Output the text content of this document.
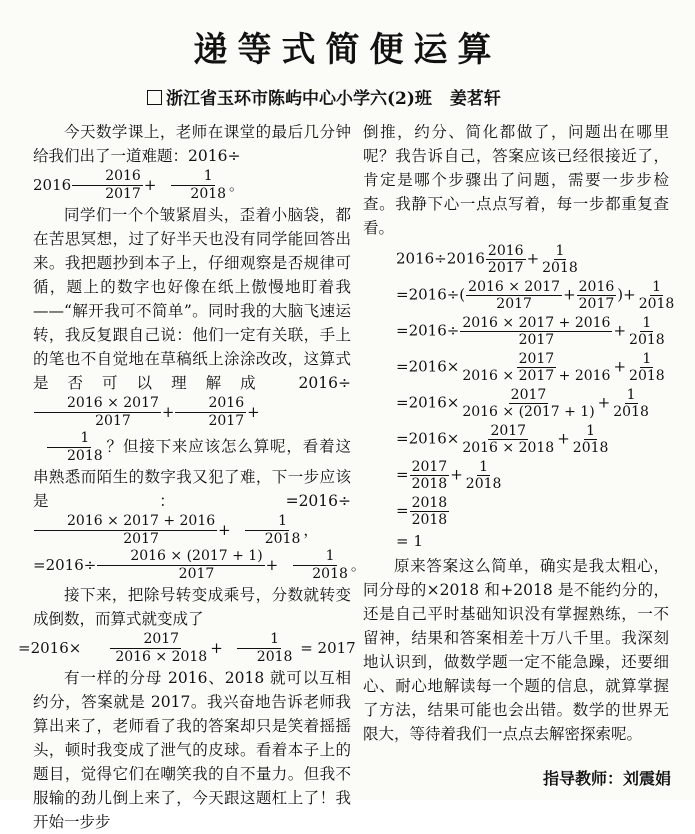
递等式简便运算
浙江省玉环市陈屿中心小学六(2)班 姜茗轩

今天数学课上，老师在课堂的最后几分钟给我们出了一道难题：2016÷
$2016 \frac{2016}{2017} + \frac{1}{2018}$ 。

同学们一个个皱紧眉头，歪着小脑袋，都在苦思冥想，过了好半天也没有同学能回答出来。我把题抄到本子上，仔细观察是否规律可循，题上的数字也好像在纸上傲慢地盯着我——“解开我可不简单”。同时我的大脑飞速运转，我反复跟自己说：他们一定有关联，手上的笔也不自觉地在草稿纸上涂涂改改，这算式是否可以理解成 2016÷
$\frac{2016 \times 2017}{2017} + \frac{2016}{2017}$ +

$\frac{1}{2018}$ ？但接下来应该怎么算呢，看着这串熟悉而陌生的数字我又犯了难，下一步应该是：=2016÷
$\frac{2016 \times 2017 + 2016}{2017} + \frac{1}{2018}$ ，
$=2016\div \frac{2016 \times (2017 + 1)}{2017} + \frac{1}{2018}$ 。

接下来，把除号转变成乘号，分数就转变成倒数，而算式就变成了
$=2016\times \frac{2017}{2016 \times 2018} + \frac{1}{2018} = 2017$

有一样的分母 2016、2018 就可以互相约分，答案就是 2017。我兴奋地告诉老师我算出来了，老师看了我的答案却只是笑着摇摇头，顿时我变成了泄气的皮球。看着本子上的题目，觉得它们在嘲笑我的自不量力。但我不服输的劲儿倒上来了，今天跟这题杠上了！我开始一步步

倒推，约分、简化都做了，问题出在哪里呢？我告诉自己，答案应该已经很接近了，肯定是哪个步骤出了问题，需要一步步检查。我静下心一点点写着，每一步都重复查看。

$2016\div 2016 \frac{2016}{2017} + \frac{1}{2018}$
$=2016\div( \frac{2016 \times 2017}{2017} + \frac{2016}{2017}$ )+ $\frac{1}{2018}$
$=2016\div \frac{2016 \times 2017 + 2016}{2017} + \frac{1}{2018}$
$=2016\times \frac{2017}{2016 \times 2017 + 2016} + \frac{1}{2018}$
$=2016\times \frac{2017}{2016 \times (2017 + 1)} + \frac{1}{2018}$
$=2016\times \frac{2017}{2016 \times 2018} + \frac{1}{2018}$
= $\frac{2017}{2018} + \frac{1}{2018}$
= $\frac{2018}{2018}$
= 1

原来答案这么简单，确实是我太粗心，同分母的×2018 和+2018 是不能约分的，还是自己平时基础知识没有掌握熟练，一不留神，结果和答案相差十万八千里。我深刻地认识到，做数学题一定不能急躁，还要细心、耐心地解读每一个题的信息，就算掌握了方法，结果可能也会出错。数学的世界无限大，等待着我们一点点去解密探索呢。

指导教师：刘震娟
